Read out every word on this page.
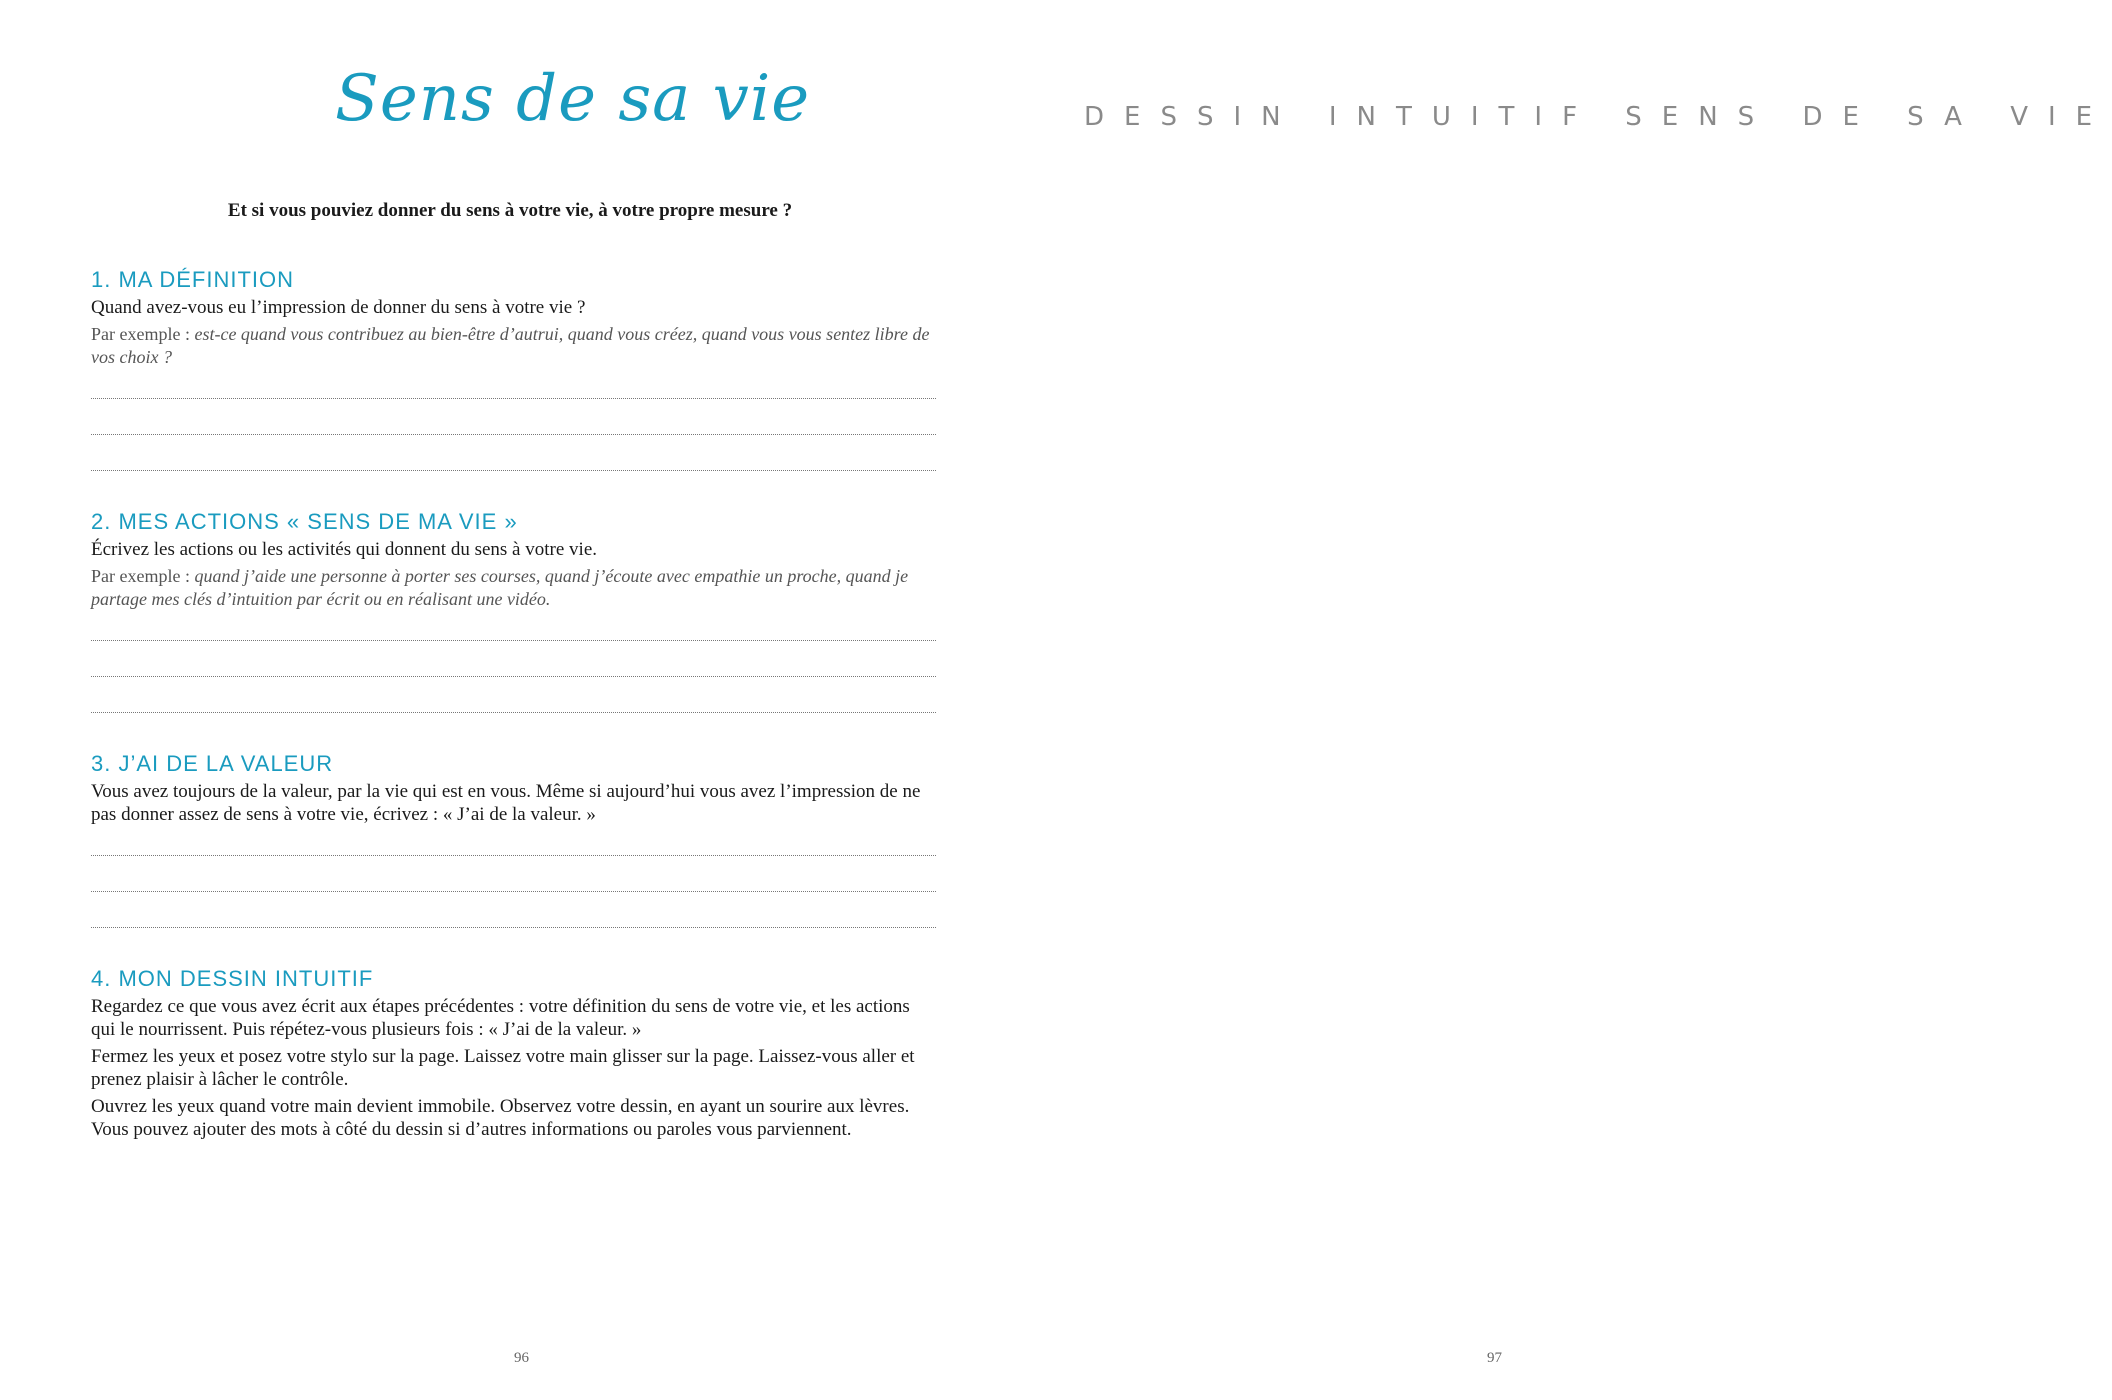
Sens de sa vie
Et si vous pouviez donner du sens à votre vie, à votre propre mesure ?
1. MA DÉFINITION
Quand avez-vous eu l’impression de donner du sens à votre vie ?
Par exemple : est-ce quand vous contribuez au bien-être d’autrui, quand vous créez, quand vous vous sentez libre de vos choix ?
2. MES ACTIONS « SENS DE MA VIE »
Écrivez les actions ou les activités qui donnent du sens à votre vie.
Par exemple : quand j’aide une personne à porter ses courses, quand j’écoute avec empathie un proche, quand je partage mes clés d’intuition par écrit ou en réalisant une vidéo.
3. J’AI DE LA VALEUR
Vous avez toujours de la valeur, par la vie qui est en vous. Même si aujourd’hui vous avez l’impression de ne pas donner assez de sens à votre vie, écrivez : « J’ai de la valeur. »
4. MON DESSIN INTUITIF
Regardez ce que vous avez écrit aux étapes précédentes : votre définition du sens de votre vie, et les actions qui le nourrissent. Puis répétez-vous plusieurs fois : « J’ai de la valeur. »
Fermez les yeux et posez votre stylo sur la page. Laissez votre main glisser sur la page. Laissez-vous aller et prenez plaisir à lâcher le contrôle.
Ouvrez les yeux quand votre main devient immobile. Observez votre dessin, en ayant un sourire aux lèvres. Vous pouvez ajouter des mots à côté du dessin si d’autres informations ou paroles vous parviennent.
96
DESSIN INTUITIF SENS DE SA VIE
97
